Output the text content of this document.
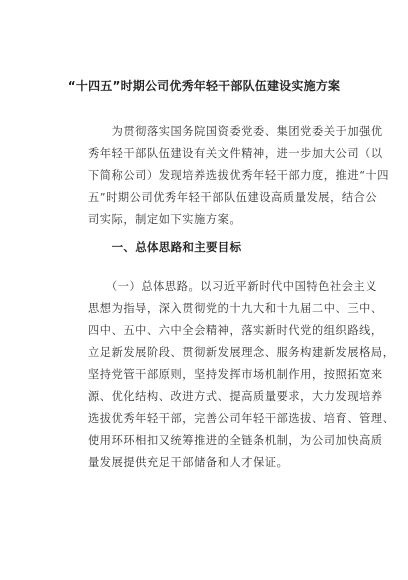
“十四五”时期公司优秀年轻干部队伍建设实施方案
　　为贯彻落实国务院国资委党委、集团党委关于加强优
秀年轻干部队伍建设有关文件精神，进一步加大公司（以
下简称公司）发现培养选拔优秀年轻干部力度，推进“十四
五”时期公司优秀年轻干部队伍建设高质量发展，结合公
司实际，制定如下实施方案。
　　一、总体思路和主要目标
　　（一）总体思路。以习近平新时代中国特色社会主义
思想为指导，深入贯彻党的十九大和十九届二中、三中、
四中、五中、六中全会精神，落实新时代党的组织路线，
立足新发展阶段、贯彻新发展理念、服务构建新发展格局，
坚持党管干部原则，坚持发挥市场机制作用，按照拓宽来
源、优化结构、改进方式、提高质量要求，大力发现培养
选拔优秀年轻干部，完善公司年轻干部选拔、培育、管理、
使用环环相扣又统筹推进的全链条机制，为公司加快高质
量发展提供充足干部储备和人才保证。
